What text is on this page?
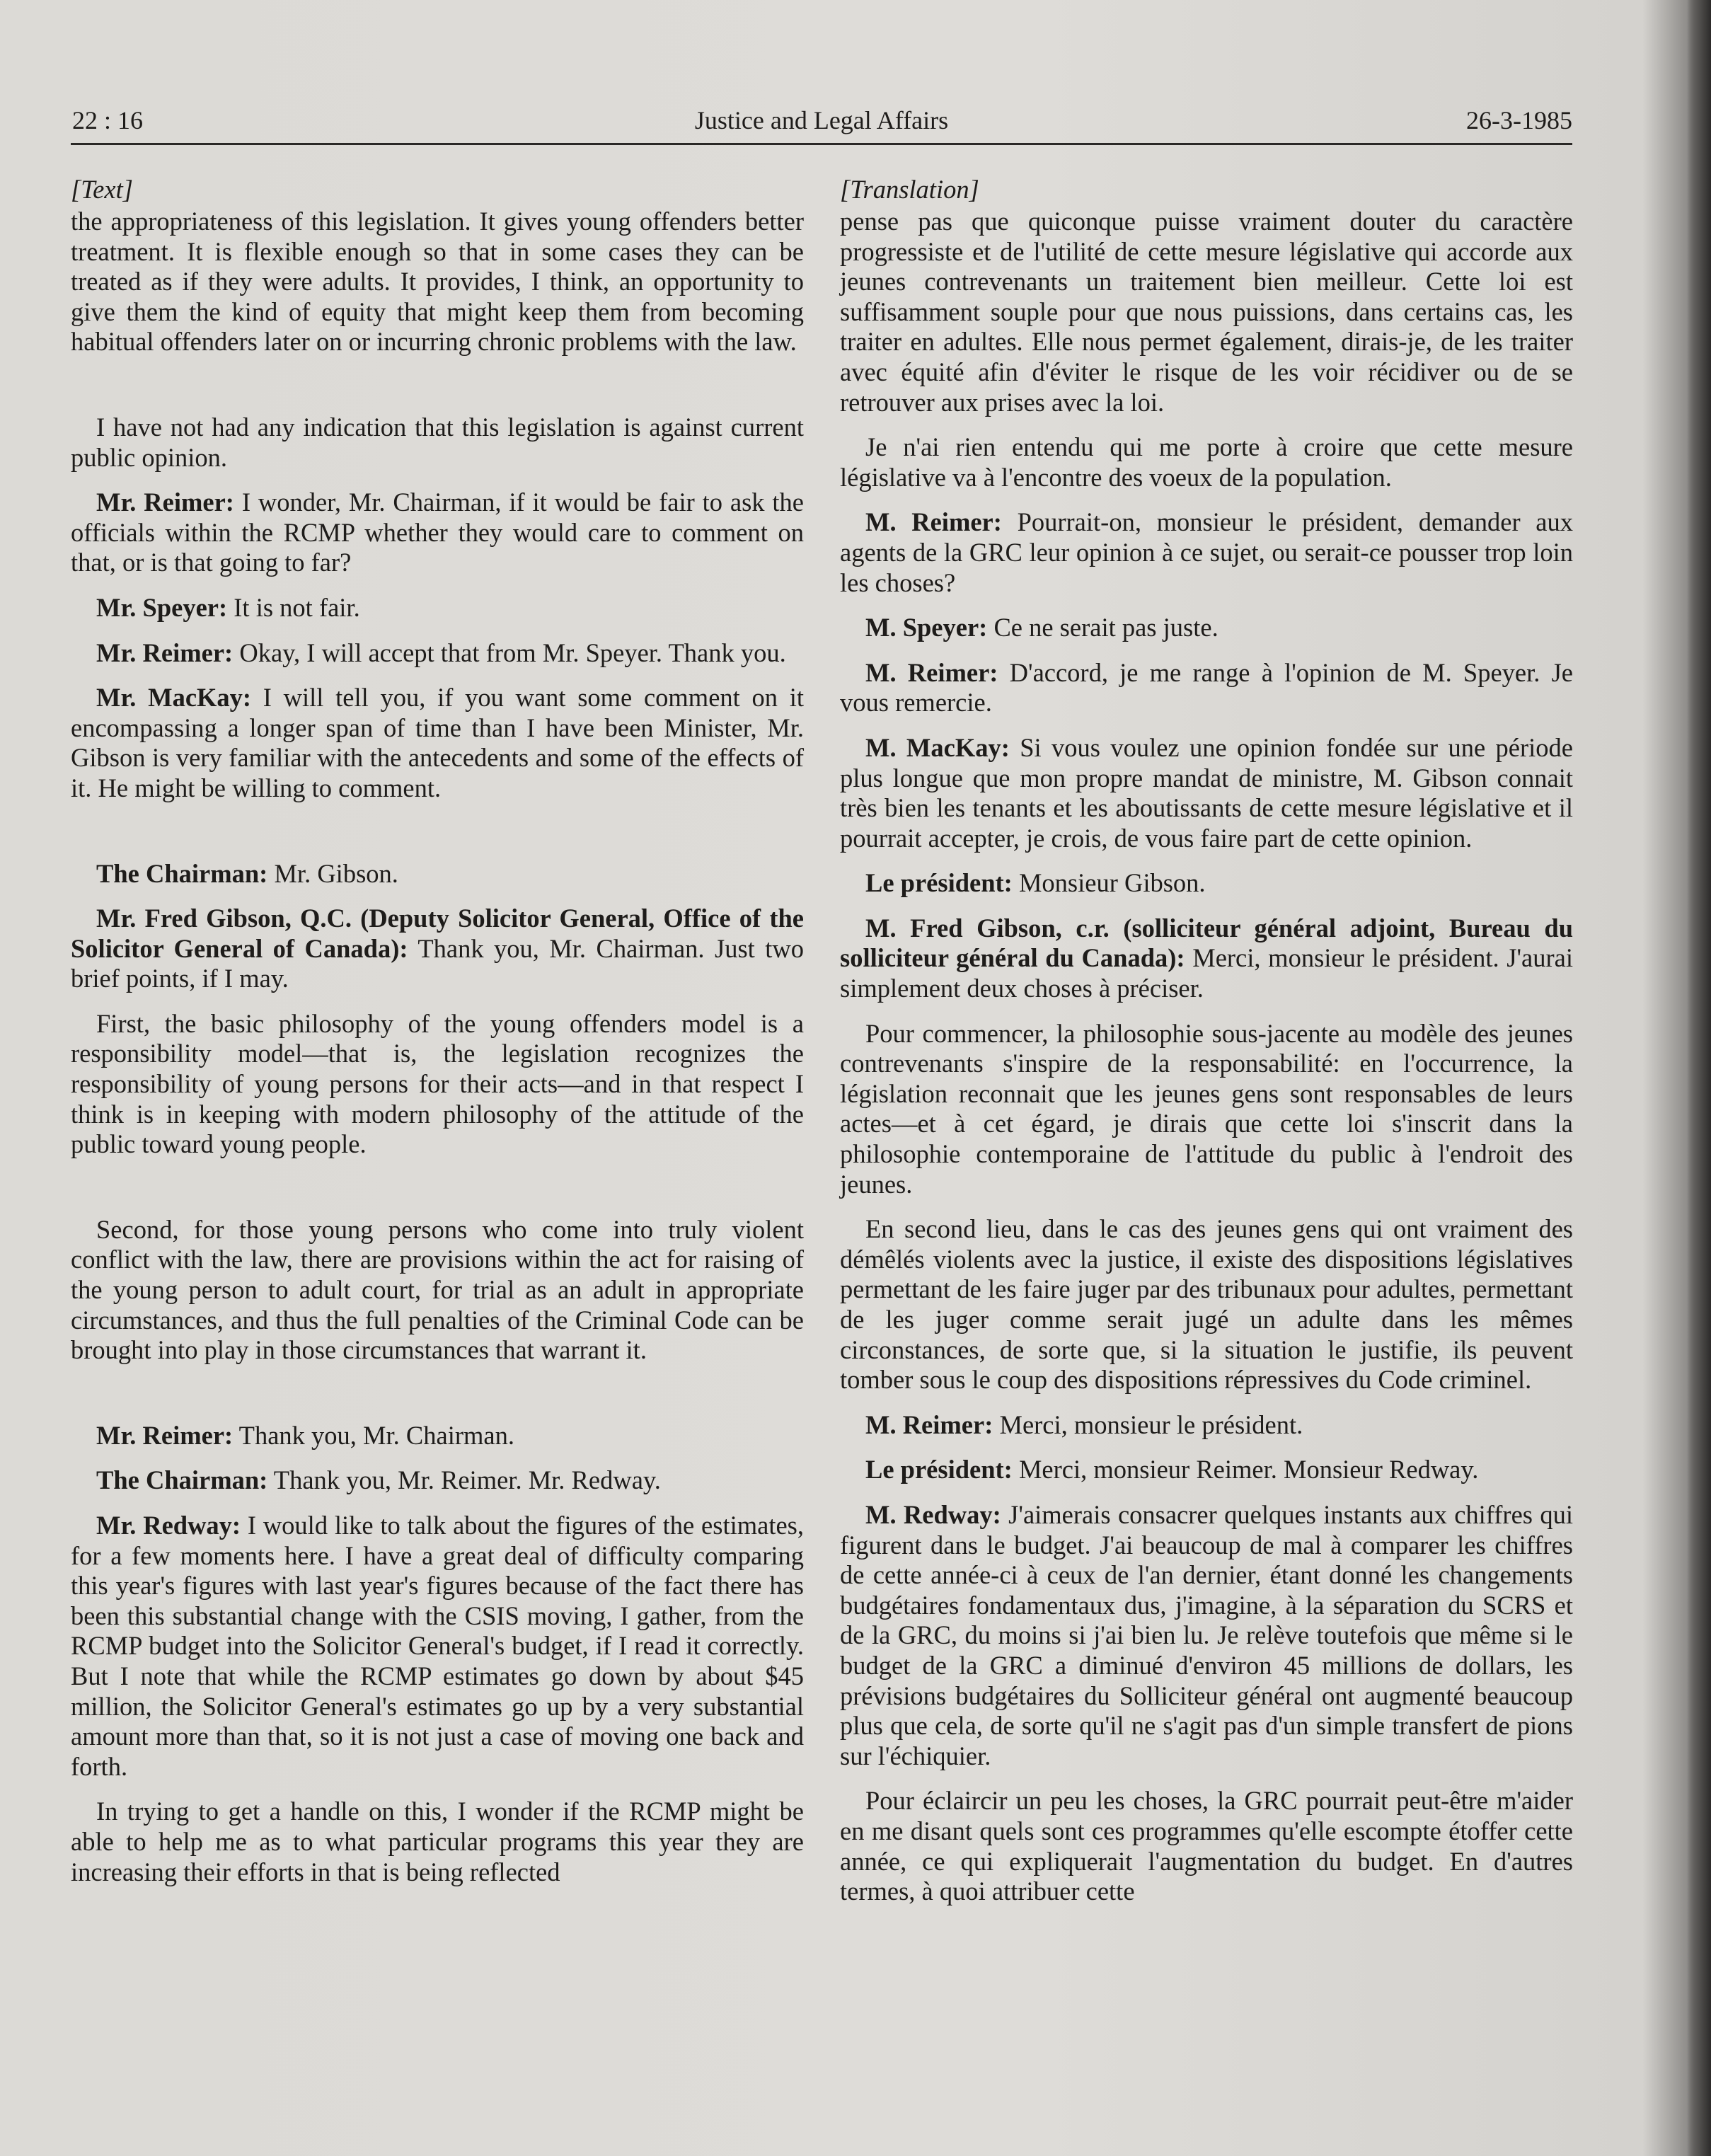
22 : 16	Justice and Legal Affairs	26-3-1985
[Text]

the appropriateness of this legislation. It gives young offenders better treatment. It is flexible enough so that in some cases they can be treated as if they were adults. It provides, I think, an opportunity to give them the kind of equity that might keep them from becoming habitual offenders later on or incurring chronic problems with the law.

I have not had any indication that this legislation is against current public opinion.

Mr. Reimer: I wonder, Mr. Chairman, if it would be fair to ask the officials within the RCMP whether they would care to comment on that, or is that going to far?

Mr. Speyer: It is not fair.

Mr. Reimer: Okay, I will accept that from Mr. Speyer. Thank you.

Mr. MacKay: I will tell you, if you want some comment on it encompassing a longer span of time than I have been Minister, Mr. Gibson is very familiar with the antecedents and some of the effects of it. He might be willing to comment.

The Chairman: Mr. Gibson.

Mr. Fred Gibson, Q.C. (Deputy Solicitor General, Office of the Solicitor General of Canada): Thank you, Mr. Chairman. Just two brief points, if I may.

First, the basic philosophy of the young offenders model is a responsibility model—that is, the legislation recognizes the responsibility of young persons for their acts—and in that respect I think is in keeping with modern philosophy of the attitude of the public toward young people.

Second, for those young persons who come into truly violent conflict with the law, there are provisions within the act for raising of the young person to adult court, for trial as an adult in appropriate circumstances, and thus the full penalties of the Criminal Code can be brought into play in those circumstances that warrant it.

Mr. Reimer: Thank you, Mr. Chairman.

The Chairman: Thank you, Mr. Reimer. Mr. Redway.

Mr. Redway: I would like to talk about the figures of the estimates, for a few moments here. I have a great deal of difficulty comparing this year's figures with last year's figures because of the fact there has been this substantial change with the CSIS moving, I gather, from the RCMP budget into the Solicitor General's budget, if I read it correctly. But I note that while the RCMP estimates go down by about $45 million, the Solicitor General's estimates go up by a very substantial amount more than that, so it is not just a case of moving one back and forth.

In trying to get a handle on this, I wonder if the RCMP might be able to help me as to what particular programs this year they are increasing their efforts in that is being reflected

[Translation]

pense pas que quiconque puisse vraiment douter du caractère progressiste et de l'utilité de cette mesure législative qui accorde aux jeunes contrevenants un traitement bien meilleur. Cette loi est suffisamment souple pour que nous puissions, dans certains cas, les traiter en adultes. Elle nous permet également, dirais-je, de les traiter avec équité afin d'éviter le risque de les voir récidiver ou de se retrouver aux prises avec la loi.

Je n'ai rien entendu qui me porte à croire que cette mesure législative va à l'encontre des voeux de la population.

M. Reimer: Pourrait-on, monsieur le président, demander aux agents de la GRC leur opinion à ce sujet, ou serait-ce pousser trop loin les choses?

M. Speyer: Ce ne serait pas juste.

M. Reimer: D'accord, je me range à l'opinion de M. Speyer. Je vous remercie.

M. MacKay: Si vous voulez une opinion fondée sur une période plus longue que mon propre mandat de ministre, M. Gibson connait très bien les tenants et les aboutissants de cette mesure législative et il pourrait accepter, je crois, de vous faire part de cette opinion.

Le président: Monsieur Gibson.

M. Fred Gibson, c.r. (solliciteur général adjoint, Bureau du solliciteur général du Canada): Merci, monsieur le président. J'aurai simplement deux choses à préciser.

Pour commencer, la philosophie sous-jacente au modèle des jeunes contrevenants s'inspire de la responsabilité: en l'occurrence, la législation reconnait que les jeunes gens sont responsables de leurs actes—et à cet égard, je dirais que cette loi s'inscrit dans la philosophie contemporaine de l'attitude du public à l'endroit des jeunes.

En second lieu, dans le cas des jeunes gens qui ont vraiment des démêlés violents avec la justice, il existe des dispositions législatives permettant de les faire juger par des tribunaux pour adultes, permettant de les juger comme serait jugé un adulte dans les mêmes circonstances, de sorte que, si la situation le justifie, ils peuvent tomber sous le coup des dispositions répressives du Code criminel.

M. Reimer: Merci, monsieur le président.

Le président: Merci, monsieur Reimer. Monsieur Redway.

M. Redway: J'aimerais consacrer quelques instants aux chiffres qui figurent dans le budget. J'ai beaucoup de mal à comparer les chiffres de cette année-ci à ceux de l'an dernier, étant donné les changements budgétaires fondamentaux dus, j'imagine, à la séparation du SCRS et de la GRC, du moins si j'ai bien lu. Je relève toutefois que même si le budget de la GRC a diminué d'environ 45 millions de dollars, les prévisions budgétaires du Solliciteur général ont augmenté beaucoup plus que cela, de sorte qu'il ne s'agit pas d'un simple transfert de pions sur l'échiquier.

Pour éclaircir un peu les choses, la GRC pourrait peut-être m'aider en me disant quels sont ces programmes qu'elle escompte étoffer cette année, ce qui expliquerait l'augmentation du budget. En d'autres termes, à quoi attribuer cette
